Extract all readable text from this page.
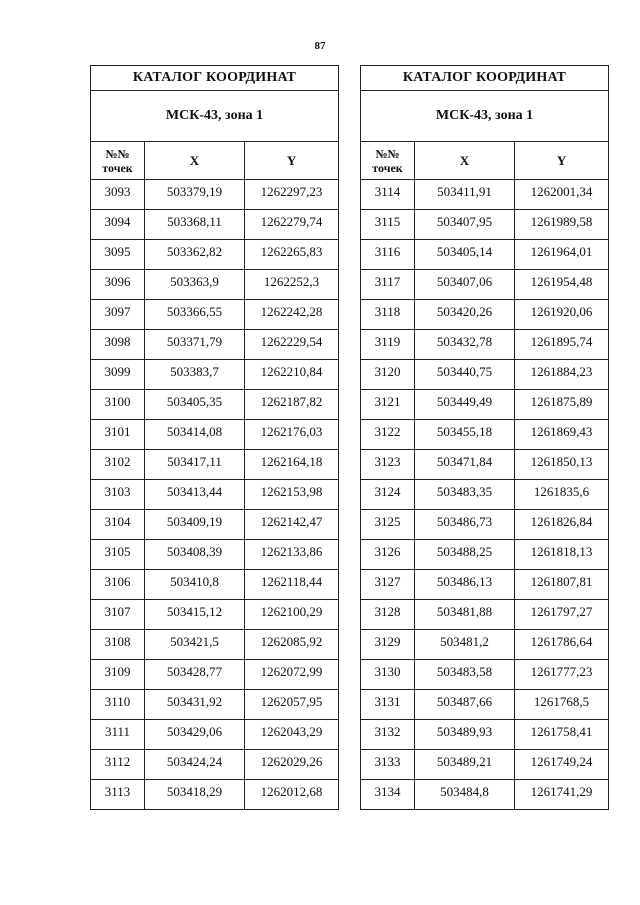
87
КАТАЛОГ КООРДИНАТ		
МСК-43, зона 1		
№№
точек	X	Y
3093	503379,19	1262297,23
3094	503368,11	1262279,74
3095	503362,82	1262265,83
3096	503363,9	1262252,3
3097	503366,55	1262242,28
3098	503371,79	1262229,54
3099	503383,7	1262210,84
3100	503405,35	1262187,82
3101	503414,08	1262176,03
3102	503417,11	1262164,18
3103	503413,44	1262153,98
3104	503409,19	1262142,47
3105	503408,39	1262133,86
3106	503410,8	1262118,44
3107	503415,12	1262100,29
3108	503421,5	1262085,92
3109	503428,77	1262072,99
3110	503431,92	1262057,95
3111	503429,06	1262043,29
3112	503424,24	1262029,26
3113	503418,29	1262012,68
КАТАЛОГ КООРДИНАТ		
МСК-43, зона 1		
№№
точек	X	Y
3114	503411,91	1262001,34
3115	503407,95	1261989,58
3116	503405,14	1261964,01
3117	503407,06	1261954,48
3118	503420,26	1261920,06
3119	503432,78	1261895,74
3120	503440,75	1261884,23
3121	503449,49	1261875,89
3122	503455,18	1261869,43
3123	503471,84	1261850,13
3124	503483,35	1261835,6
3125	503486,73	1261826,84
3126	503488,25	1261818,13
3127	503486,13	1261807,81
3128	503481,88	1261797,27
3129	503481,2	1261786,64
3130	503483,58	1261777,23
3131	503487,66	1261768,5
3132	503489,93	1261758,41
3133	503489,21	1261749,24
3134	503484,8	1261741,29
